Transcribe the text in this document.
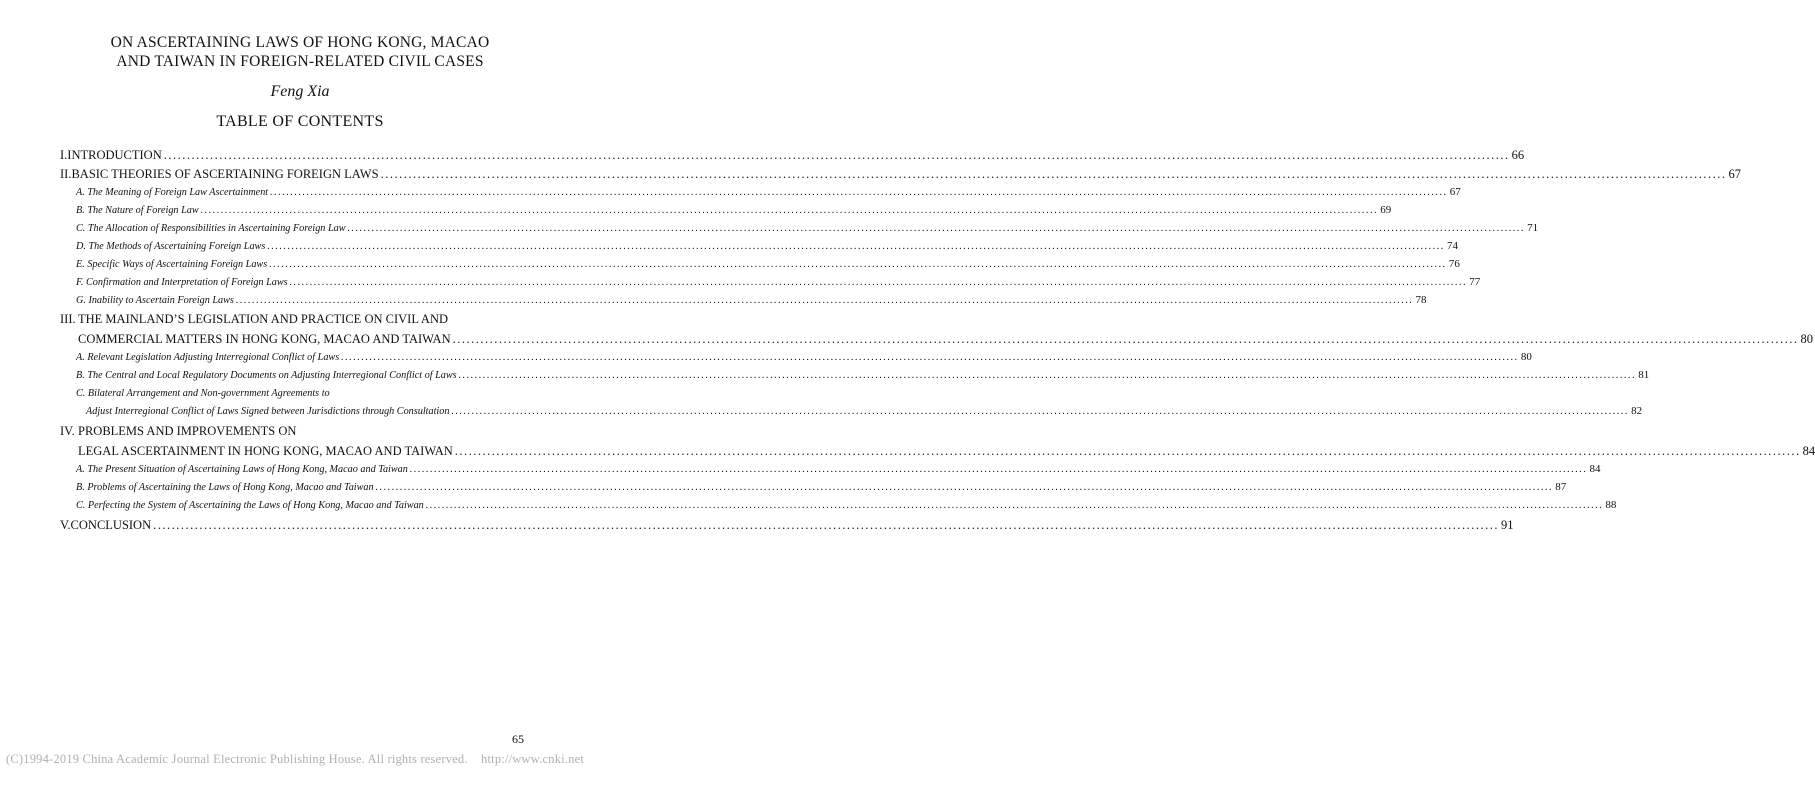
ON ASCERTAINING LAWS OF HONG KONG, MACAO
AND TAIWAN IN FOREIGN-RELATED CIVIL CASES
Feng Xia
TABLE OF CONTENTS
I. INTRODUCTION .....	66
II. BASIC THEORIES OF ASCERTAINING FOREIGN LAWS .....	67
A. The Meaning of Foreign Law Ascertainment .....	67
B. The Nature of Foreign Law .....	69
C. The Allocation of Responsibilities in Ascertaining Foreign Law .....	71
D. The Methods of Ascertaining Foreign Laws .....	74
E. Specific Ways of Ascertaining Foreign Laws .....	76
F. Confirmation and Interpretation of Foreign Laws .....	77
G. Inability to Ascertain Foreign Laws .....	78
III. THE MAINLAND’S LEGISLATION AND PRACTICE ON CIVIL AND
COMMERCIAL MATTERS IN HONG KONG, MACAO AND TAIWAN .....	80
A. Relevant Legislation Adjusting Interregional Conflict of Laws .....	80
B. The Central and Local Regulatory Documents on Adjusting Interregional Conflict of Laws .....	81
C. Bilateral Arrangement and Non-government Agreements to
Adjust Interregional Conflict of Laws Signed between Jurisdictions through Consultation .....	82
IV. PROBLEMS AND IMPROVEMENTS ON
LEGAL ASCERTAINMENT IN HONG KONG, MACAO AND TAIWAN .....	84
A. The Present Situation of Ascertaining Laws of Hong Kong, Macao and Taiwan .....	84
B. Problems of Ascertaining the Laws of Hong Kong, Macao and Taiwan .....	87
C. Perfecting the System of Ascertaining the Laws of Hong Kong, Macao and Taiwan .....	88
V. CONCLUSION .....	91
65
(C)1994-2019 China Academic Journal Electronic Publishing House. All rights reserved. http://www.cnki.net
